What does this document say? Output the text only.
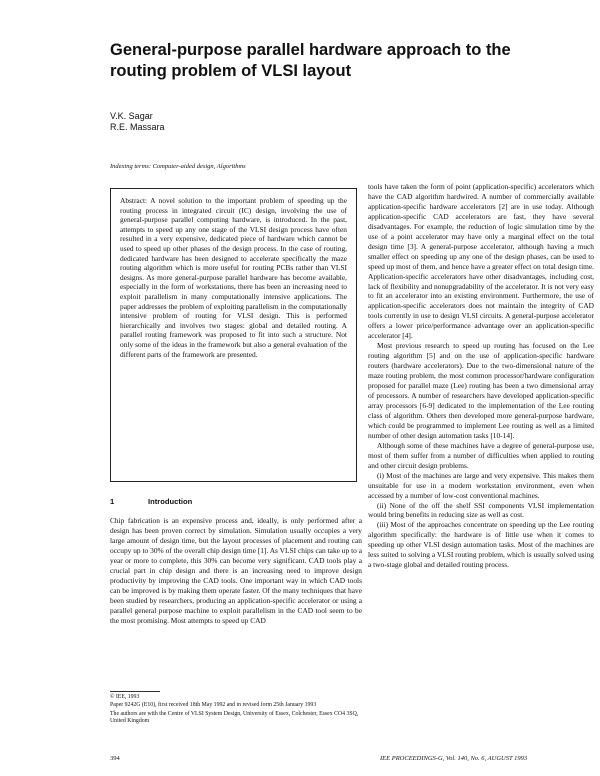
General-purpose parallel hardware approach to the routing problem of VLSI layout
V.K. Sagar
R.E. Massara
Indexing terms: Computer-aided design, Algorithms

Abstract: A novel solution to the important problem of speeding up the routing process in integrated circuit (IC) design, involving the use of general-purpose parallel computing hardware, is introduced. In the past, attempts to speed up any one stage of the VLSI design process have often resulted in a very expensive, dedicated piece of hardware which cannot be used to speed up other phases of the design process. In the case of routing, dedicated hardware has been designed to accelerate specifically the maze routing algorithm which is more useful for routing PCBs rather than VLSI designs. As more general-purpose parallel hardware has become available, especially in the form of workstations, there has been an increasing need to exploit parallelism in many computationally intensive applications. The paper addresses the problem of exploiting parallelism in the computationally intensive problem of routing for VLSI design. This is performed hierarchically and involves two stages: global and detailed routing. A parallel routing framework was proposed to fit into such a structure. Not only some of the ideas in the framework but also a general evaluation of the different parts of the framework are presented.

1	Introduction

Chip fabrication is an expensive process and, ideally, is only performed after a design has been proven correct by simulation. Simulation usually occupies a very large amount of design time, but the layout processes of placement and routing can occupy up to 30% of the overall chip design time [1]. As VLSI chips can take up to a year or more to complete, this 30% can become very significant. CAD tools play a crucial part in chip design and there is an increasing need to improve design productivity by improving the CAD tools. One important way in which CAD tools can be improved is by making them operate faster. Of the many techniques that have been studied by researchers, producing an application-specific accelerator or using a parallel general purpose machine to exploit parallelism in the CAD tool seem to be the most promising. Most attempts to speed up CAD

tools have taken the form of point (application-specific) accelerators which have the CAD algorithm hardwired. A number of commercially available application-specific hardware accelerators [2] are in use today. Although application-specific CAD accelerators are fast, they have several disadvantages. For example, the reduction of logic simulation time by the use of a point accelerator may have only a marginal effect on the total design time [3]. A general-purpose accelerator, although having a much smaller effect on speeding up any one of the design phases, can be used to speed up most of them, and hence have a greater effect on total design time. Application-specific accelerators have other disadvantages, including cost, lack of flexibility and nonupgradability of the accelerator. It is not very easy to fit an accelerator into an existing environment. Furthermore, the use of application-specific accelerators does not maintain the integrity of CAD tools currently in use to design VLSI circuits. A general-purpose accelerator offers a lower price/performance advantage over an application-specific accelerator [4].

Most previous research to speed up routing has focused on the Lee routing algorithm [5] and on the use of application-specific hardware routers (hardware accelerators). Due to the two-dimensional nature of the maze routing problem, the most common processor/hardware configuration proposed for parallel maze (Lee) routing has been a two dimensional array of processors. A number of researchers have developed application-specific array processors [6-9] dedicated to the implementation of the Lee routing class of algorithm. Others then developed more general-purpose hardware, which could be programmed to implement Lee routing as well as a limited number of other design automation tasks [10-14].

Although some of these machines have a degree of general-purpose use, most of them suffer from a number of difficulties when applied to routing and other circuit design problems.

(i) Most of the machines are large and very expensive. This makes them unsuitable for use in a modern workstation environment, even when accessed by a number of low-cost conventional machines.

(ii) None of the off the shelf SSI components VLSI implementation would bring benefits in reducing size as well as cost.

(iii) Most of the approaches concentrate on speeding up the Lee routing algorithm specifically: the hardware is of little use when it comes to speeding up other VLSI design automation tasks. Most of the machines are less suited to solving a VLSI routing problem, which is usually solved using a two-stage global and detailed routing process.

© IEE, 1993

Paper 9242G (E10), first received 18th May 1992 and in revised form 25th January 1993

The authors are with the Centre of VLSI System Design, University of Essex, Colchester, Essex CO4 3SQ, United Kingdom

394	IEE PROCEEDINGS-G, Vol. 140, No. 6, AUGUST 1993
